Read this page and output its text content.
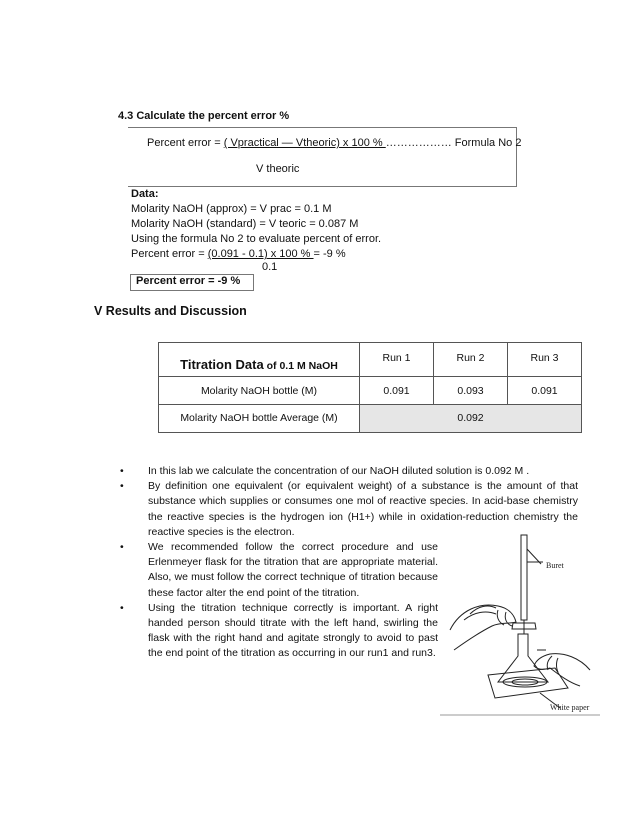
4.3 Calculate the percent error %
Percent error = ( Vpractical — Vtheoric) x 100 % ……………… Formula No 2
V theoric
Data:
Molarity NaOH (approx) = V prac = 0.1 M
Molarity NaOH (standard) = V teoric = 0.087 M
Using the formula No 2 to evaluate percent of error.
Percent error = (0.091 - 0.1) x 100 % = -9 %
0.1
Percent error = -9 %
V Results and Discussion
Titration Data of 0.1 M NaOH	Run 1	Run 2	Run 3
Molarity NaOH bottle (M)	0.091	0.093	0.091
Molarity NaOH bottle Average (M)	0.092		
• In this lab we calculate the concentration of our NaOH diluted solution is 0.092 M .
• By definition one equivalent (or equivalent weight) of a substance is the amount of that substance which supplies or consumes one mol of reactive species. In acid-base chemistry the reactive species is the hydrogen ion (H1+) while in oxidation-reduction chemistry the reactive species is the electron.
• We recommended follow the correct procedure and use Erlenmeyer flask for the titration that are appropriate material. Also, we must follow the correct technique of titration because these factor alter the end point of the titration.
• Using the titration technique correctly is important. A right handed person should titrate with the left hand, swirling the flask with the right hand and agitate strongly to avoid to past the end point of the titration as occurring in our run1 and run3.
Buret
White paper
